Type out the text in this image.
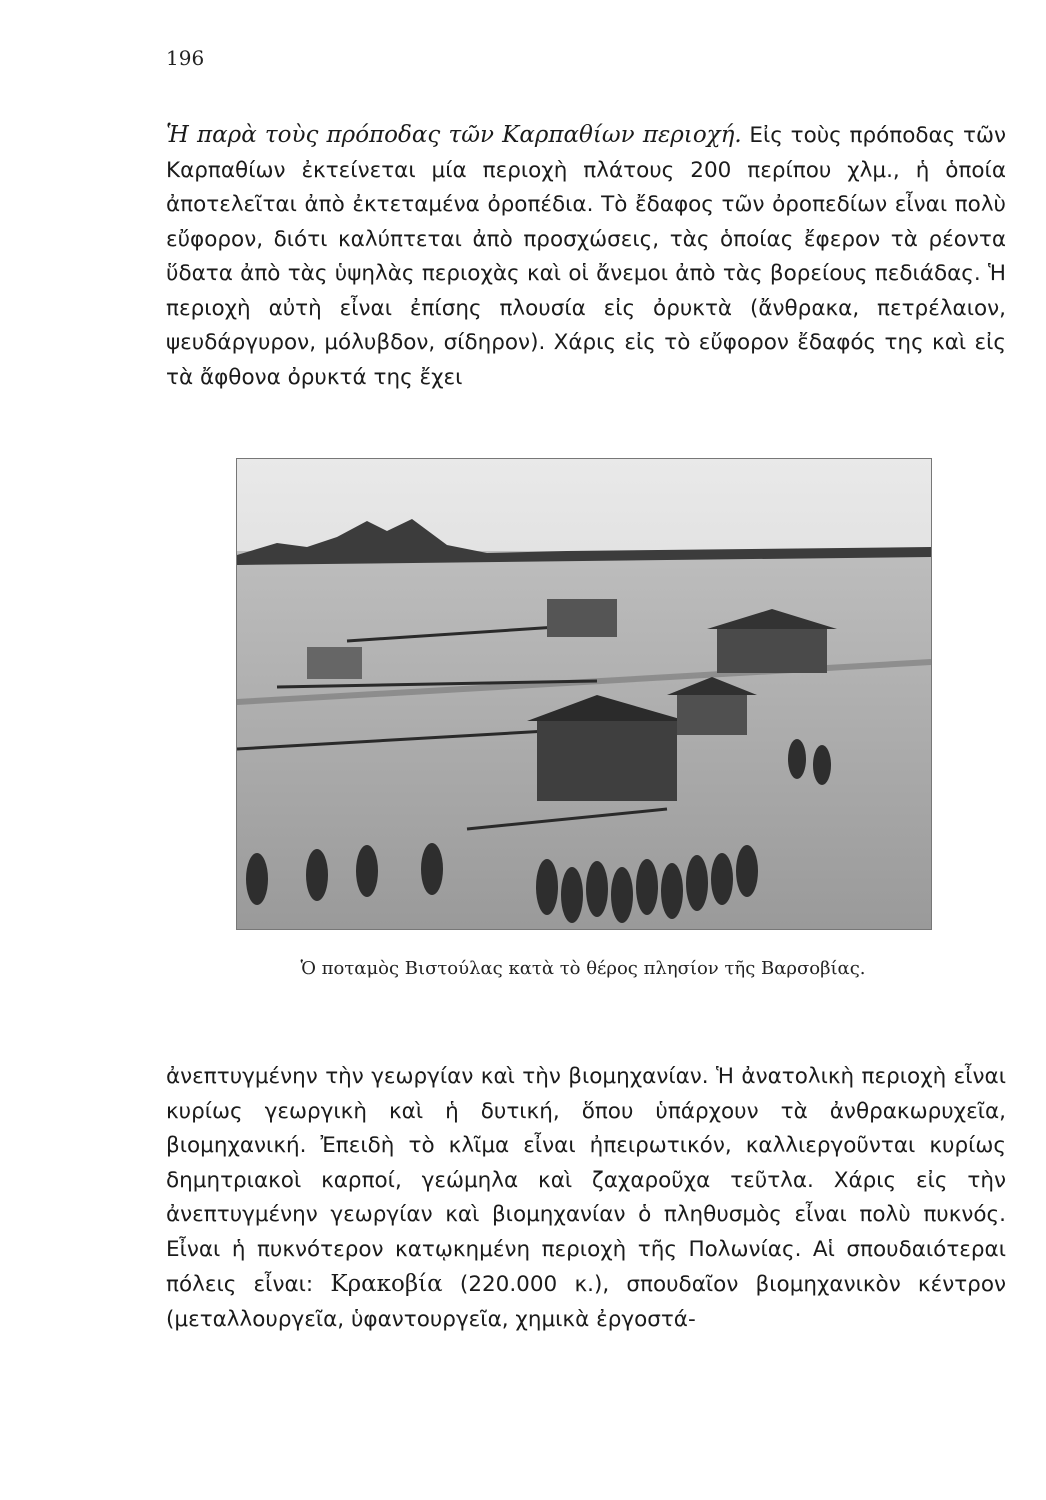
196

Ἡ παρὰ τοὺς πρόποδας τῶν Καρπαθίων περιοχή. Εἰς τοὺς πρόποδας τῶν Καρπαθίων ἐκτείνεται μία περιοχὴ πλάτους 200 περίπου χλμ., ἡ ὁποία ἀποτελεῖται ἀπὸ ἐκτεταμένα ὀροπέδια. Τὸ ἔδαφος τῶν ὀροπεδίων εἶναι πολὺ εὔφορον, διότι καλύπτεται ἀπὸ προσχώσεις, τὰς ὁποίας ἔφερον τὰ ρέοντα ὕδατα ἀπὸ τὰς ὑψηλὰς περιοχὰς καὶ οἱ ἄνεμοι ἀπὸ τὰς βορείους πεδιάδας. Ἡ περιοχὴ αὐτὴ εἶναι ἐπίσης πλουσία εἰς ὀρυκτὰ (ἄνθρακα, πετρέλαιον, ψευδάργυρον, μόλυβδον, σίδηρον). Χάρις εἰς τὸ εὔφορον ἔδαφός της καὶ εἰς τὰ ἄφθονα ὀρυκτά της ἔχει

Ὁ ποταμὸς Βιστούλας κατὰ τὸ θέρος πλησίον τῆς Βαρσοβίας.

ἀνεπτυγμένην τὴν γεωργίαν καὶ τὴν βιομηχανίαν. Ἡ ἀνατολικὴ περιοχὴ εἶναι κυρίως γεωργικὴ καὶ ἡ δυτική, ὅπου ὑπάρχουν τὰ ἀνθρακωρυχεῖα, βιομηχανική. Ἐπειδὴ τὸ κλῖμα εἶναι ἠπειρωτικόν, καλλιεργοῦνται κυρίως δημητριακοὶ καρποί, γεώμηλα καὶ ζαχαροῦχα τεῦτλα. Χάρις εἰς τὴν ἀνεπτυγμένην γεωργίαν καὶ βιομηχανίαν ὁ πληθυσμὸς εἶναι πολὺ πυκνός. Εἶναι ἡ πυκνότερον κατῳκημένη περιοχὴ τῆς Πολωνίας. Αἱ σπουδαιότεραι πόλεις εἶναι: Κρακοβία (220.000 κ.), σπουδαῖον βιομηχανικὸν κέντρον (μεταλλουργεῖα, ὑφαντουργεῖα, χημικὰ ἐργοστά-
